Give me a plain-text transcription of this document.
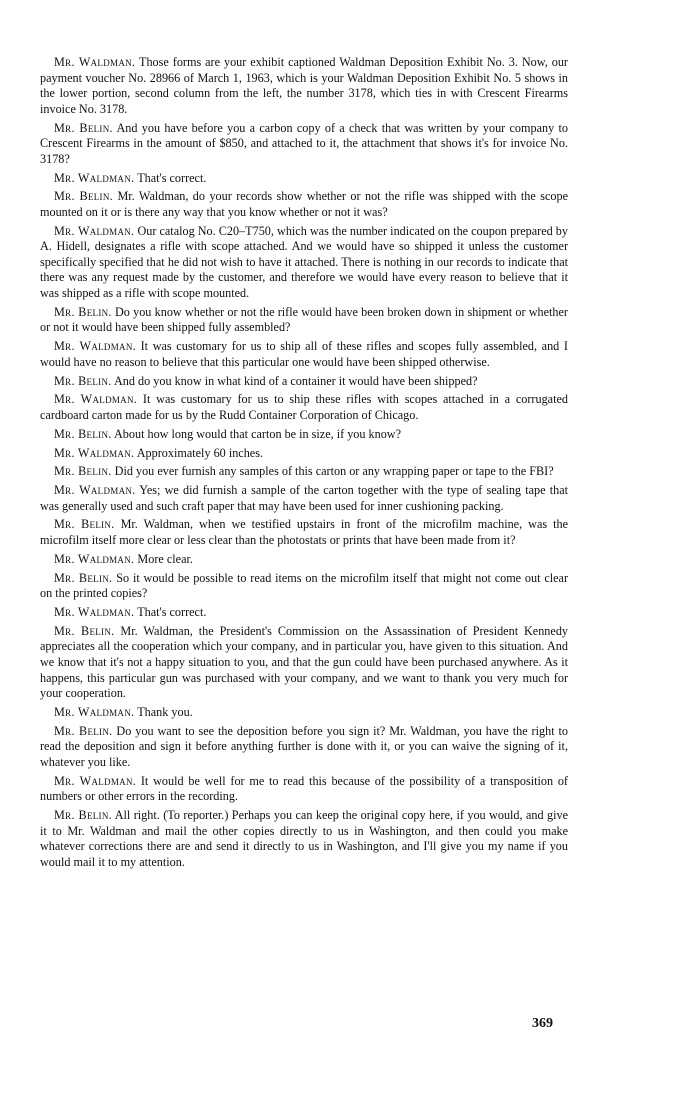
Mr. Waldman. Those forms are your exhibit captioned Waldman Deposition Exhibit No. 3. Now, our payment voucher No. 28966 of March 1, 1963, which is your Waldman Deposition Exhibit No. 5 shows in the lower portion, second column from the left, the number 3178, which ties in with Crescent Firearms invoice No. 3178.

Mr. Belin. And you have before you a carbon copy of a check that was written by your company to Crescent Firearms in the amount of $850, and attached to it, the attachment that shows it's for invoice No. 3178?

Mr. Waldman. That's correct.

Mr. Belin. Mr. Waldman, do your records show whether or not the rifle was shipped with the scope mounted on it or is there any way that you know whether or not it was?

Mr. Waldman. Our catalog No. C20–T750, which was the number indicated on the coupon prepared by A. Hidell, designates a rifle with scope attached. And we would have so shipped it unless the customer specifically specified that he did not wish to have it attached. There is nothing in our records to indicate that there was any request made by the customer, and therefore we would have every reason to believe that it was shipped as a rifle with scope mounted.

Mr. Belin. Do you know whether or not the rifle would have been broken down in shipment or whether or not it would have been shipped fully assembled?

Mr. Waldman. It was customary for us to ship all of these rifles and scopes fully assembled, and I would have no reason to believe that this particular one would have been shipped otherwise.

Mr. Belin. And do you know in what kind of a container it would have been shipped?

Mr. Waldman. It was customary for us to ship these rifles with scopes attached in a corrugated cardboard carton made for us by the Rudd Container Corporation of Chicago.

Mr. Belin. About how long would that carton be in size, if you know?

Mr. Waldman. Approximately 60 inches.

Mr. Belin. Did you ever furnish any samples of this carton or any wrapping paper or tape to the FBI?

Mr. Waldman. Yes; we did furnish a sample of the carton together with the type of sealing tape that was generally used and such craft paper that may have been used for inner cushioning packing.

Mr. Belin. Mr. Waldman, when we testified upstairs in front of the microfilm machine, was the microfilm itself more clear or less clear than the photostats or prints that have been made from it?

Mr. Waldman. More clear.

Mr. Belin. So it would be possible to read items on the microfilm itself that might not come out clear on the printed copies?

Mr. Waldman. That's correct.

Mr. Belin. Mr. Waldman, the President's Commission on the Assassination of President Kennedy appreciates all the cooperation which your company, and in particular you, have given to this situation. And we know that it's not a happy situation to you, and that the gun could have been purchased anywhere. As it happens, this particular gun was purchased with your company, and we want to thank you very much for your cooperation.

Mr. Waldman. Thank you.

Mr. Belin. Do you want to see the deposition before you sign it? Mr. Waldman, you have the right to read the deposition and sign it before anything further is done with it, or you can waive the signing of it, whatever you like.

Mr. Waldman. It would be well for me to read this because of the possibility of a transposition of numbers or other errors in the recording.

Mr. Belin. All right. (To reporter.) Perhaps you can keep the original copy here, if you would, and give it to Mr. Waldman and mail the other copies directly to us in Washington, and then could you make whatever corrections there are and send it directly to us in Washington, and I'll give you my name if you would mail it to my attention.

369
